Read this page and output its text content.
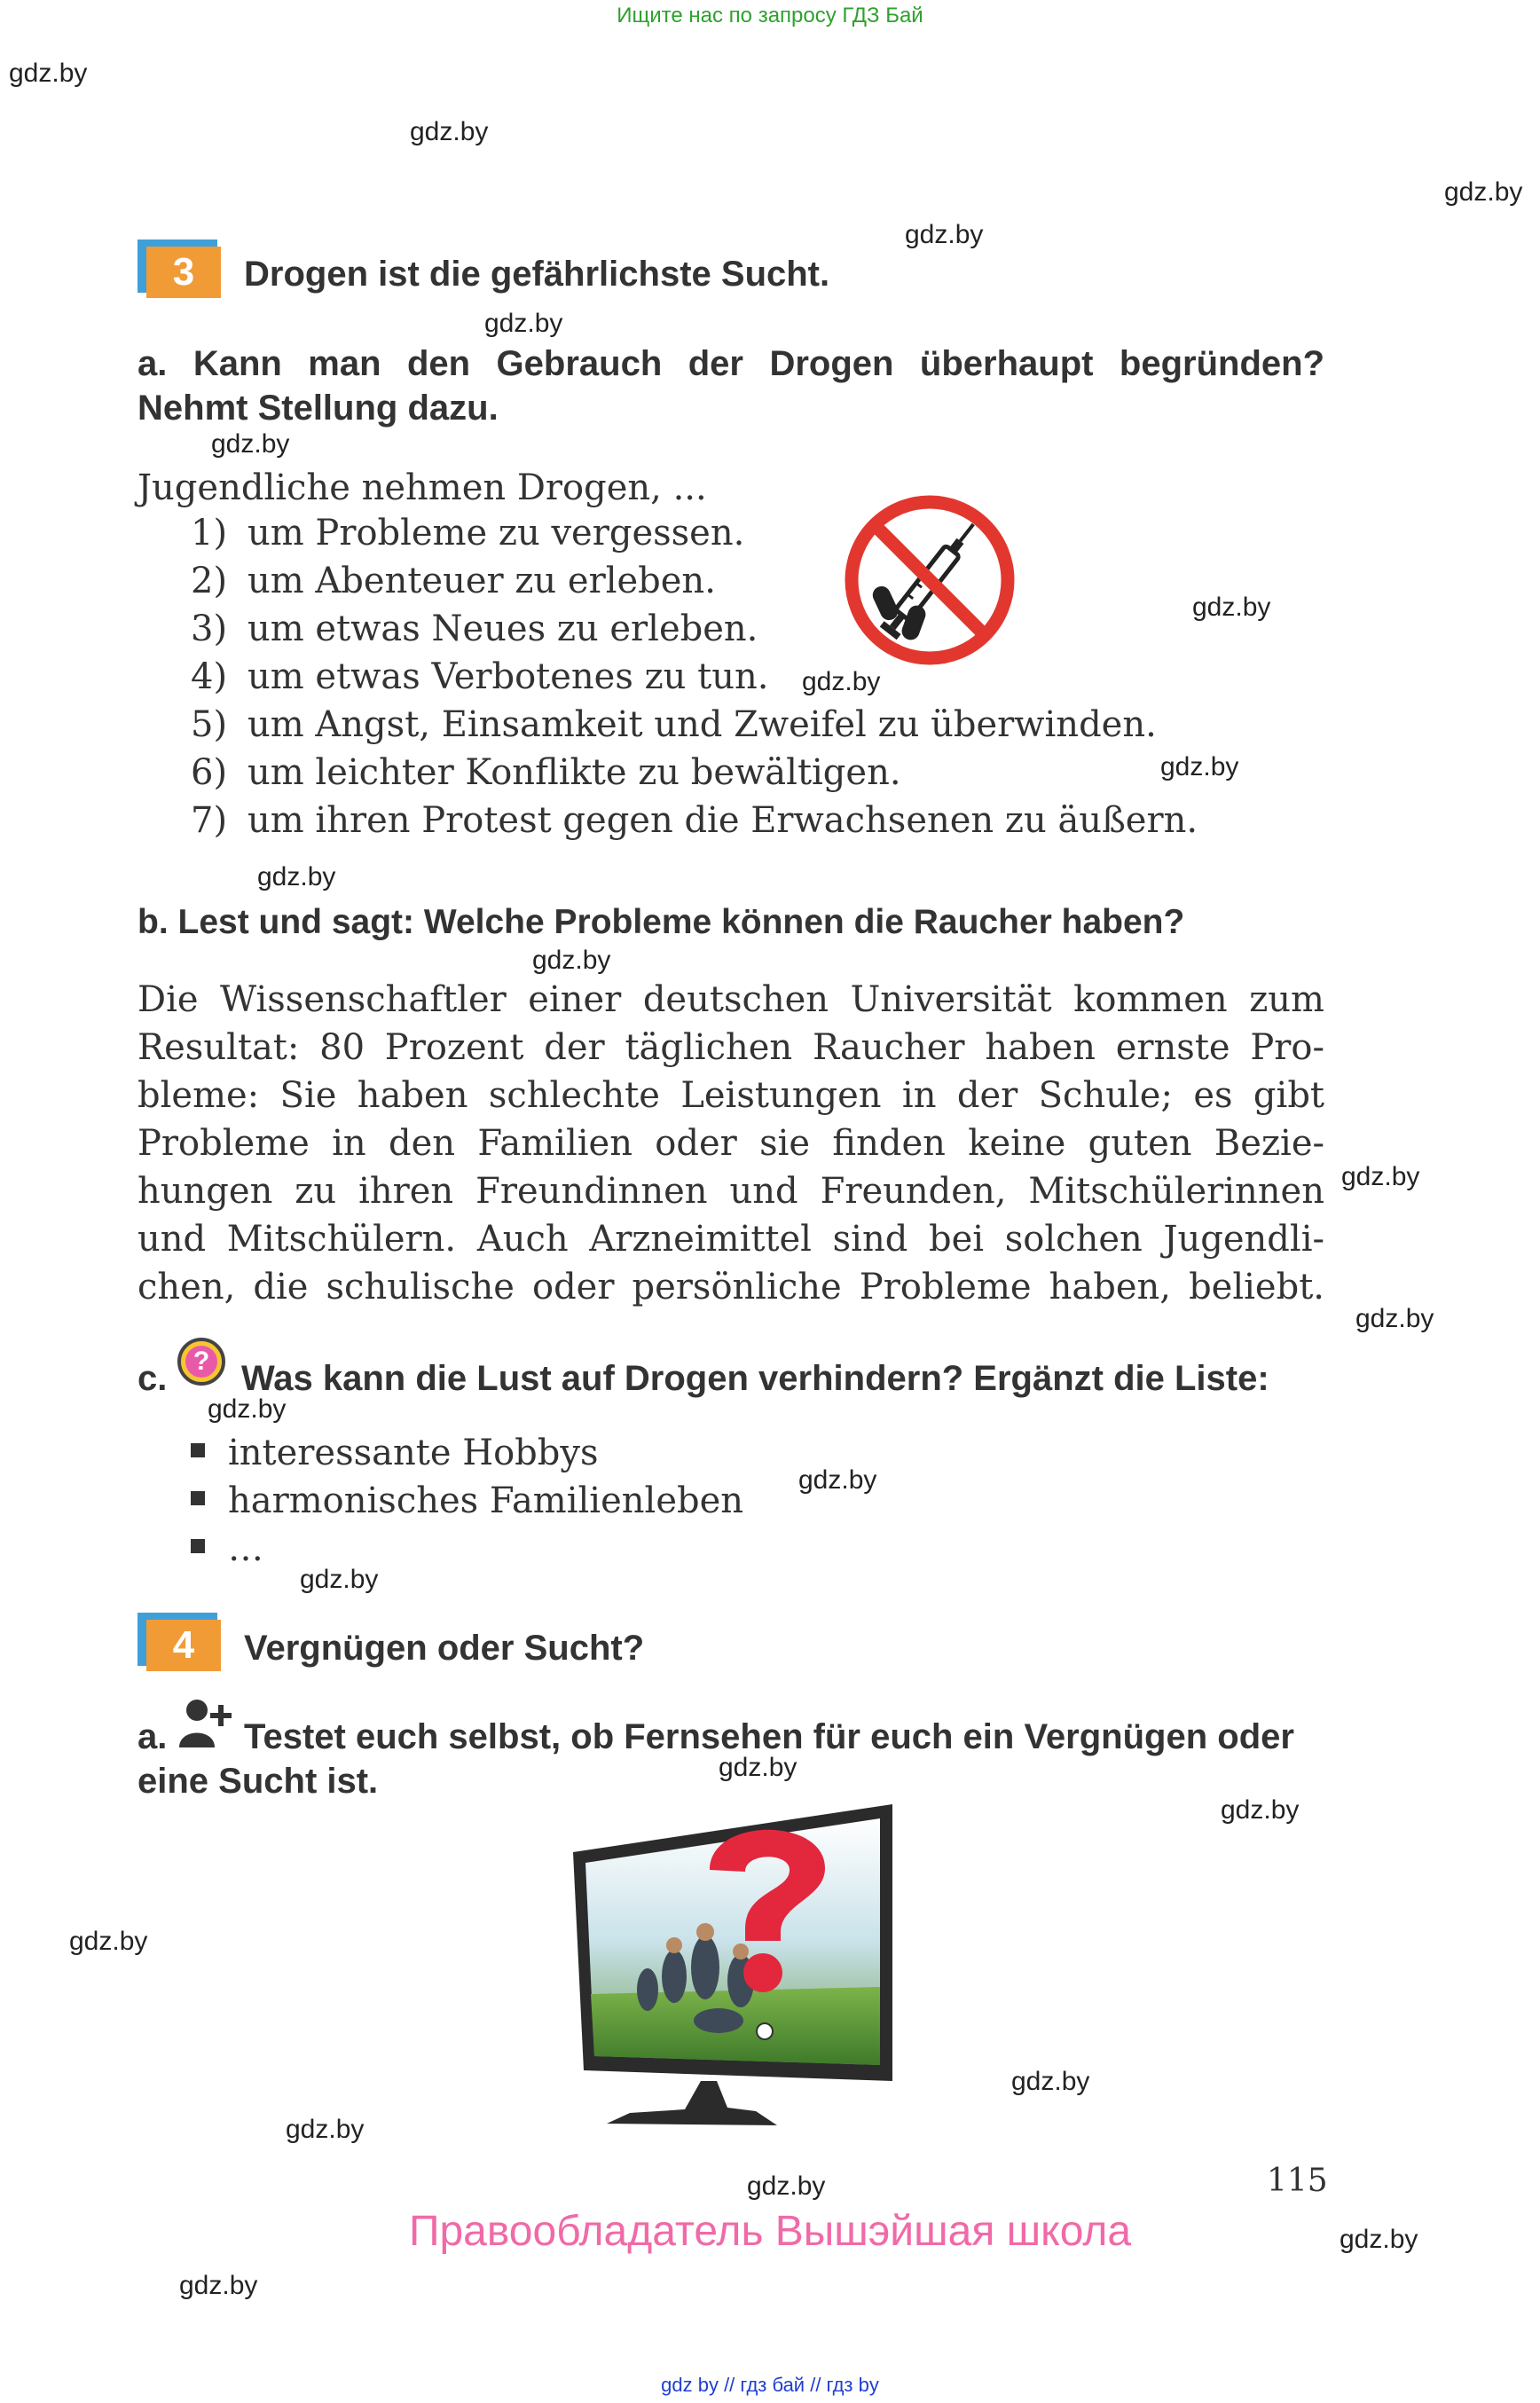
Ищите нас по запросу ГДЗ Бай
gdz.by
gdz.by
gdz.by
gdz.by
gdz.by
gdz.by
gdz.by
gdz.by
gdz.by
gdz.by
gdz.by
gdz.by
gdz.by
gdz.by
gdz.by
gdz.by
gdz.by
gdz.by
gdz.by
gdz.by
gdz.by
gdz.by
gdz.by
gdz.by
3	Drogen ist die gefährlichste Sucht.
a. Kann man den Gebrauch der Drogen überhaupt begründen?
Nehmt Stellung dazu.
Jugendliche nehmen Drogen, ...
1) um Probleme zu vergessen.
2) um Abenteuer zu erleben.
3) um etwas Neues zu erleben.
4) um etwas Verbotenes zu tun.
5) um Angst, Einsamkeit und Zweifel zu überwinden.
6) um leichter Konflikte zu bewältigen.
7) um ihren Protest gegen die Erwachsenen zu äußern.
b. Lest und sagt: Welche Probleme können die Raucher haben?
Die Wissenschaftler einer deutschen Universität kommen zum
Resultat: 80 Prozent der täglichen Raucher haben ernste Pro-
bleme: Sie haben schlechte Leistungen in der Schule; es gibt
Probleme in den Familien oder sie finden keine guten Bezie-
hungen zu ihren Freundinnen und Freunden, Mitschülerinnen
und Mitschülern. Auch Arzneimittel sind bei solchen Jugendli-
chen, die schulische oder persönliche Probleme haben, beliebt.
c. ? Was kann die Lust auf Drogen verhindern? Ergänzt die Liste:
interessante Hobbys
harmonisches Familienleben
…
4	Vergnügen oder Sucht?
a. Testet euch selbst, ob Fernsehen für euch ein Vergnügen oder
eine Sucht ist.
115
Правообладатель Вышэйшая школа
gdz by // гдз бай // гдз by
